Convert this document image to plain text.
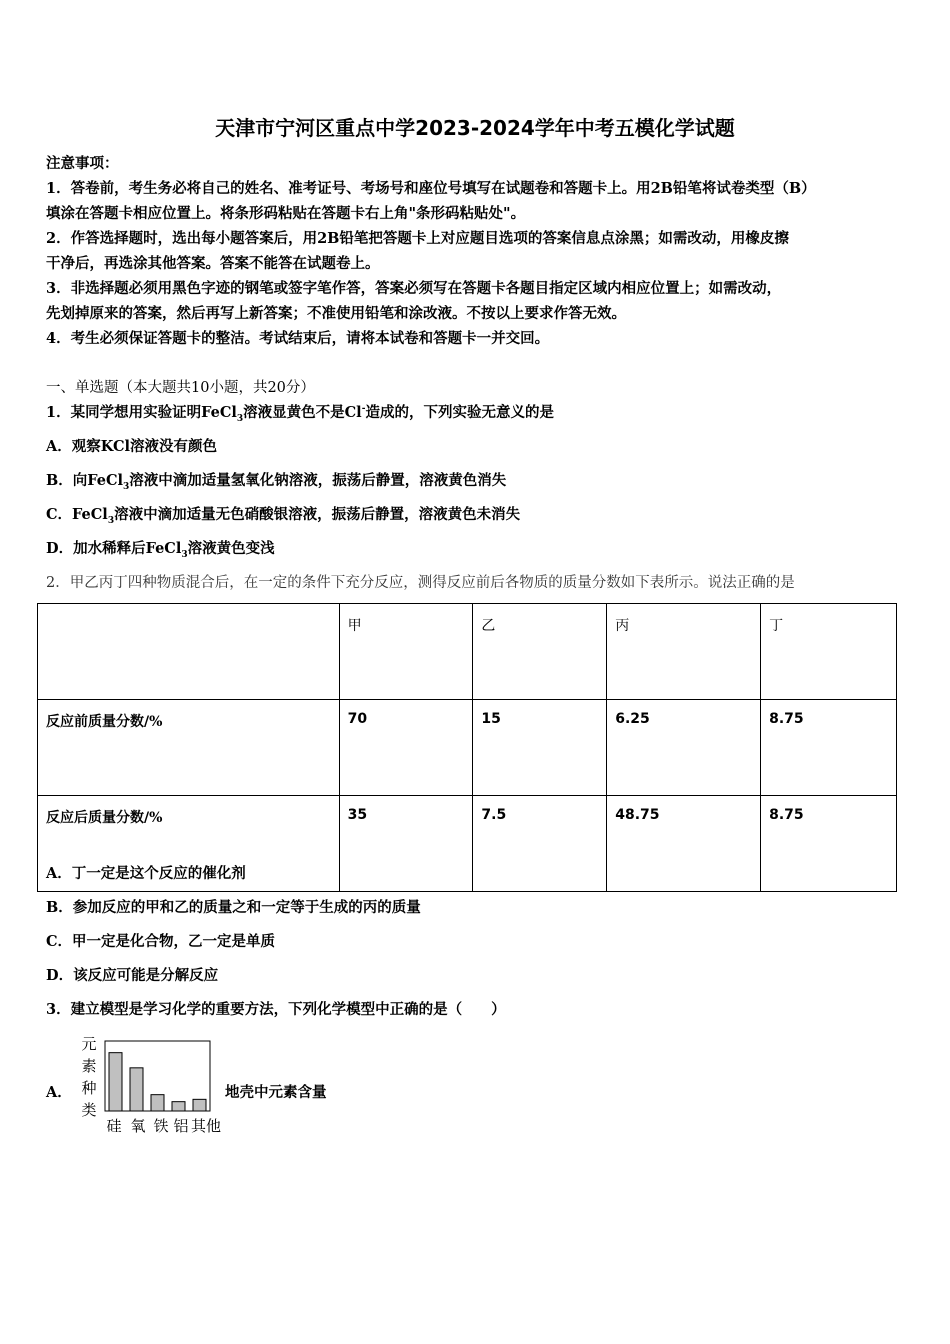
天津市宁河区重点中学2023-2024学年中考五模化学试题
注意事项：
1．答卷前，考生务必将自己的姓名、准考证号、考场号和座位号填写在试题卷和答题卡上。用2B铅笔将试卷类型（B）
填涂在答题卡相应位置上。将条形码粘贴在答题卡右上角"条形码粘贴处"。
2．作答选择题时，选出每小题答案后，用2B铅笔把答题卡上对应题目选项的答案信息点涂黑；如需改动，用橡皮擦
干净后，再选涂其他答案。答案不能答在试题卷上。
3．非选择题必须用黑色字迹的钢笔或签字笔作答，答案必须写在答题卡各题目指定区域内相应位置上；如需改动，
先划掉原来的答案，然后再写上新答案；不准使用铅笔和涂改液。不按以上要求作答无效。
4．考生必须保证答题卡的整洁。考试结束后，请将本试卷和答题卡一并交回。
一、单选题（本大题共10小题，共20分）
1．某同学想用实验证明FeCl$_3$溶液显黄色不是Cl-造成的，下列实验无意义的是
A．观察KCl溶液没有颜色
B．向FeCl$_3$溶液中滴加适量氢氧化钠溶液，振荡后静置，溶液黄色消失
C．FeCl$_3$溶液中滴加适量无色硝酸银溶液，振荡后静置，溶液黄色未消失
D．加水稀释后FeCl$_3$溶液黄色变浅
2．甲乙丙丁四种物质混合后，在一定的条件下充分反应，测得反应前后各物质的质量分数如下表所示。说法正确的是
	甲	乙	丙	丁
反应前质量分数/%	70	15	6.25	8.75
反应后质量分数/%	35	7.5	48.75	8.75
A．丁一定是这个反应的催化剂
B．参加反应的甲和乙的质量之和一定等于生成的丙的质量
C．甲一定是化合物，乙一定是单质
D．该反应可能是分解反应
3．建立模型是学习化学的重要方法，下列化学模型中正确的是（　　）
A．
元
素
种
类
硅 氧 铁 铝 其他
地壳中元素含量
